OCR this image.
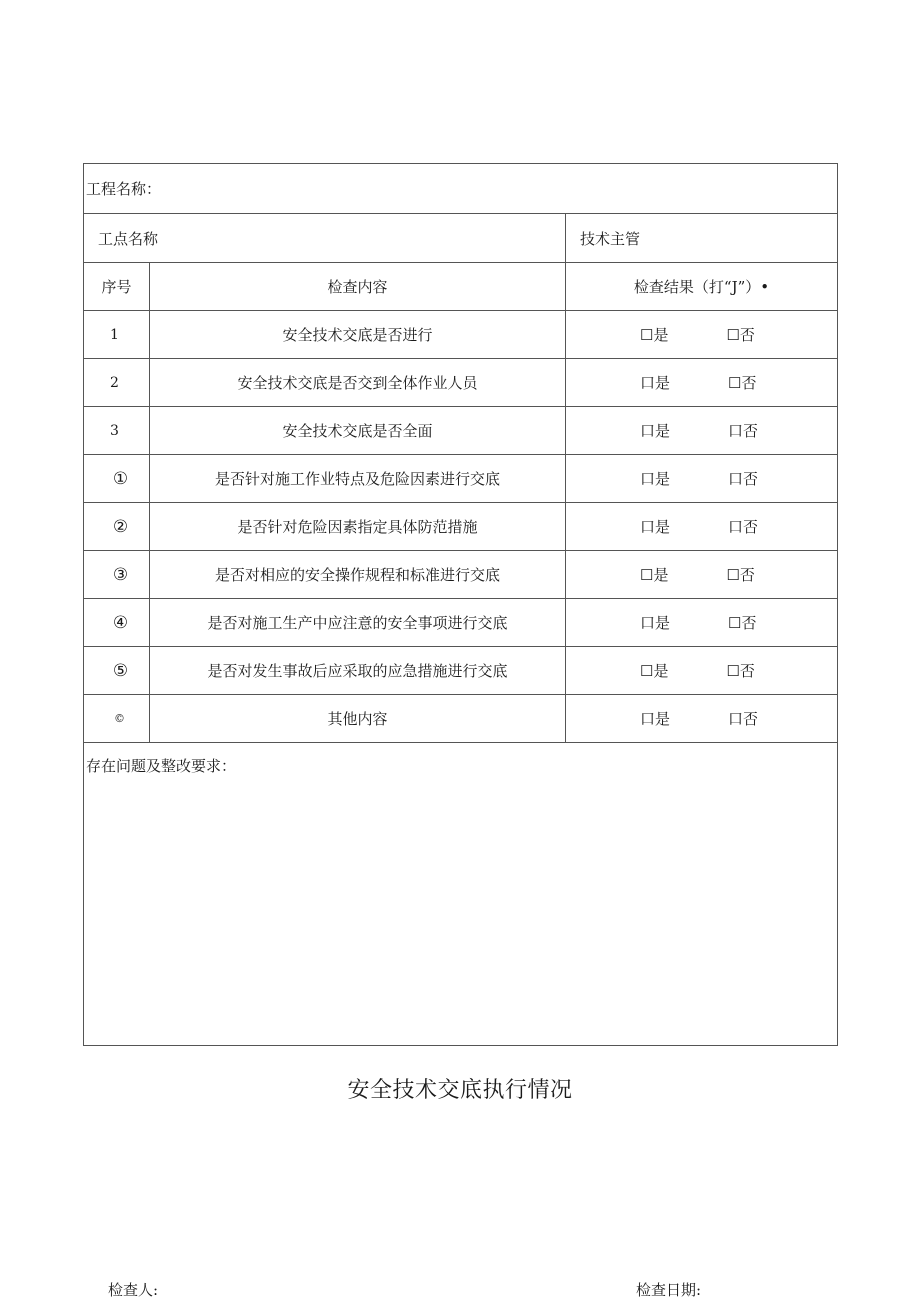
工程名称：		
工点名称		技术主管
序号	检查内容	检查结果（打“J”）•
1	安全技术交底是否进行	☐是 ☐否

2	安全技术交底是否交到全体作业人员	口是 ☐否

3	安全技术交底是否全面	口是 口否

①	是否针对施工作业特点及危险因素进行交底	口是 口否

②	是否针对危险因素指定具体防范措施	口是 口否

③	是否对相应的安全操作规程和标准进行交底	☐是 ☐否

④	是否对施工生产中应注意的安全事项进行交底	口是 ☐否

⑤	是否对发生事故后应采取的应急措施进行交底	☐是 ☐否

©	其他内容	口是 口否

存在问题及整改要求：		
安全技术交底执行情况
检查人:	检查日期:
